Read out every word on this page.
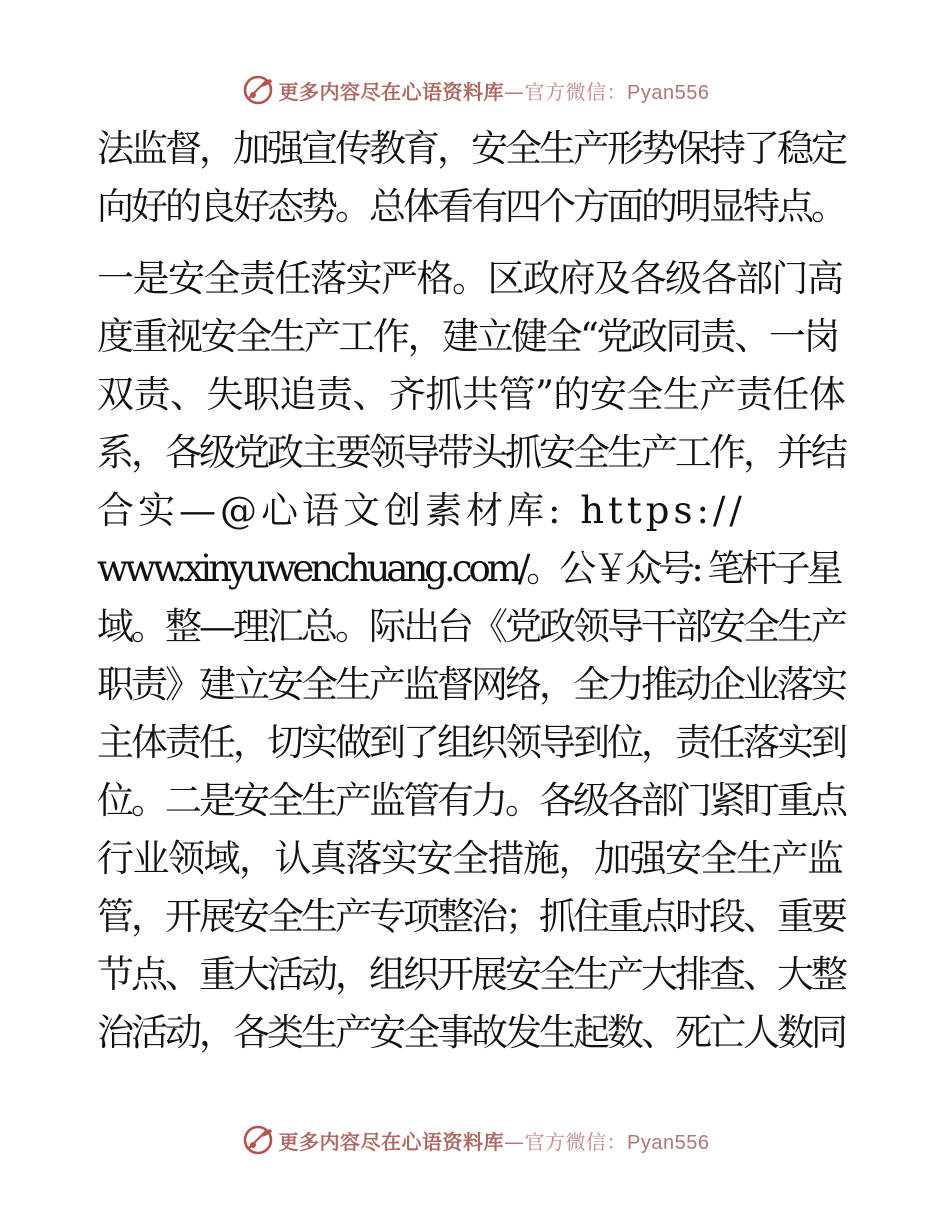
更多内容尽在心语资料库—官方微信：Pyan556
法监督，加强宣传教育，安全生产形势保持了稳定
向好的良好态势。总体看有四个方面的明显特点。
一是安全责任落实严格。区政府及各级各部门高
度重视安全生产工作，建立健全“党政同责、一岗
双责、失职追责、齐抓共管”的安全生产责任体
系，各级党政主要领导带头抓安全生产工作，并结
合实—@心语文创素材库: https://
www.xinyuwenchuang.com/。公￥众号: 笔杆子星
域。整—理汇总。际出台《党政领导干部安全生产
职责》建立安全生产监督网络，全力推动企业落实
主体责任，切实做到了组织领导到位，责任落实到
位。二是安全生产监管有力。各级各部门紧盯重点
行业领域，认真落实安全措施，加强安全生产监
管，开展安全生产专项整治；抓住重点时段、重要
节点、重大活动，组织开展安全生产大排查、大整
治活动，各类生产安全事故发生起数、死亡人数同
更多内容尽在心语资料库—官方微信：Pyan556
